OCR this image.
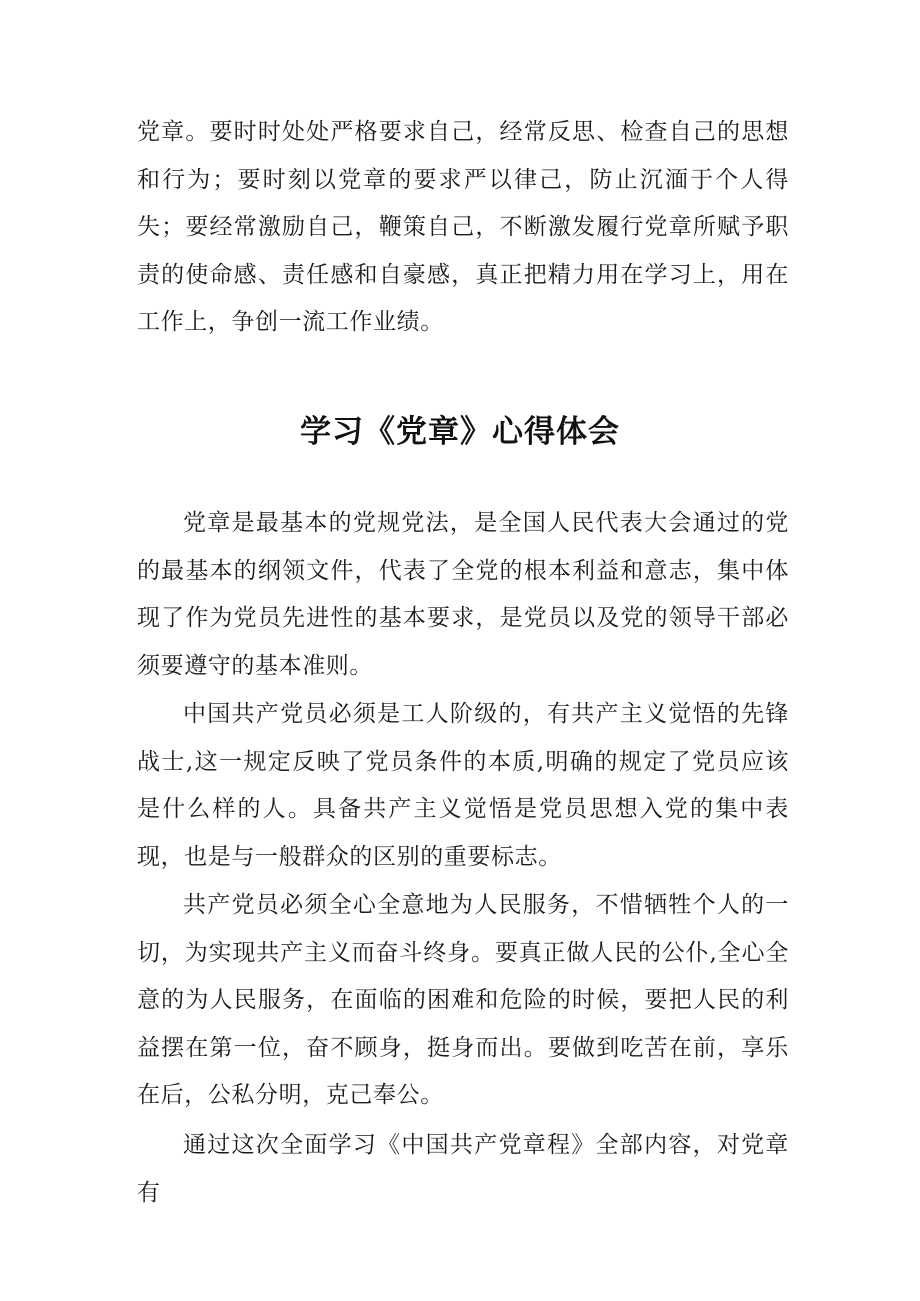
党章。要时时处处严格要求自己，经常反思、检查自己的思想和行为；要时刻以党章的要求严以律己，防止沉湎于个人得失；要经常激励自己，鞭策自己，不断激发履行党章所赋予职责的使命感、责任感和自豪感，真正把精力用在学习上，用在工作上，争创一流工作业绩。

学习《党章》心得体会

党章是最基本的党规党法，是全国人民代表大会通过的党的最基本的纲领文件，代表了全党的根本利益和意志，集中体现了作为党员先进性的基本要求，是党员以及党的领导干部必须要遵守的基本准则。

中国共产党员必须是工人阶级的，有共产主义觉悟的先锋战士,这一规定反映了党员条件的本质,明确的规定了党员应该是什么样的人。具备共产主义觉悟是党员思想入党的集中表现，也是与一般群众的区别的重要标志。

共产党员必须全心全意地为人民服务，不惜牺牲个人的一切，为实现共产主义而奋斗终身。要真正做人民的公仆,全心全意的为人民服务，在面临的困难和危险的时候，要把人民的利益摆在第一位，奋不顾身，挺身而出。要做到吃苦在前，享乐在后，公私分明，克己奉公。

通过这次全面学习《中国共产党章程》全部内容，对党章有
